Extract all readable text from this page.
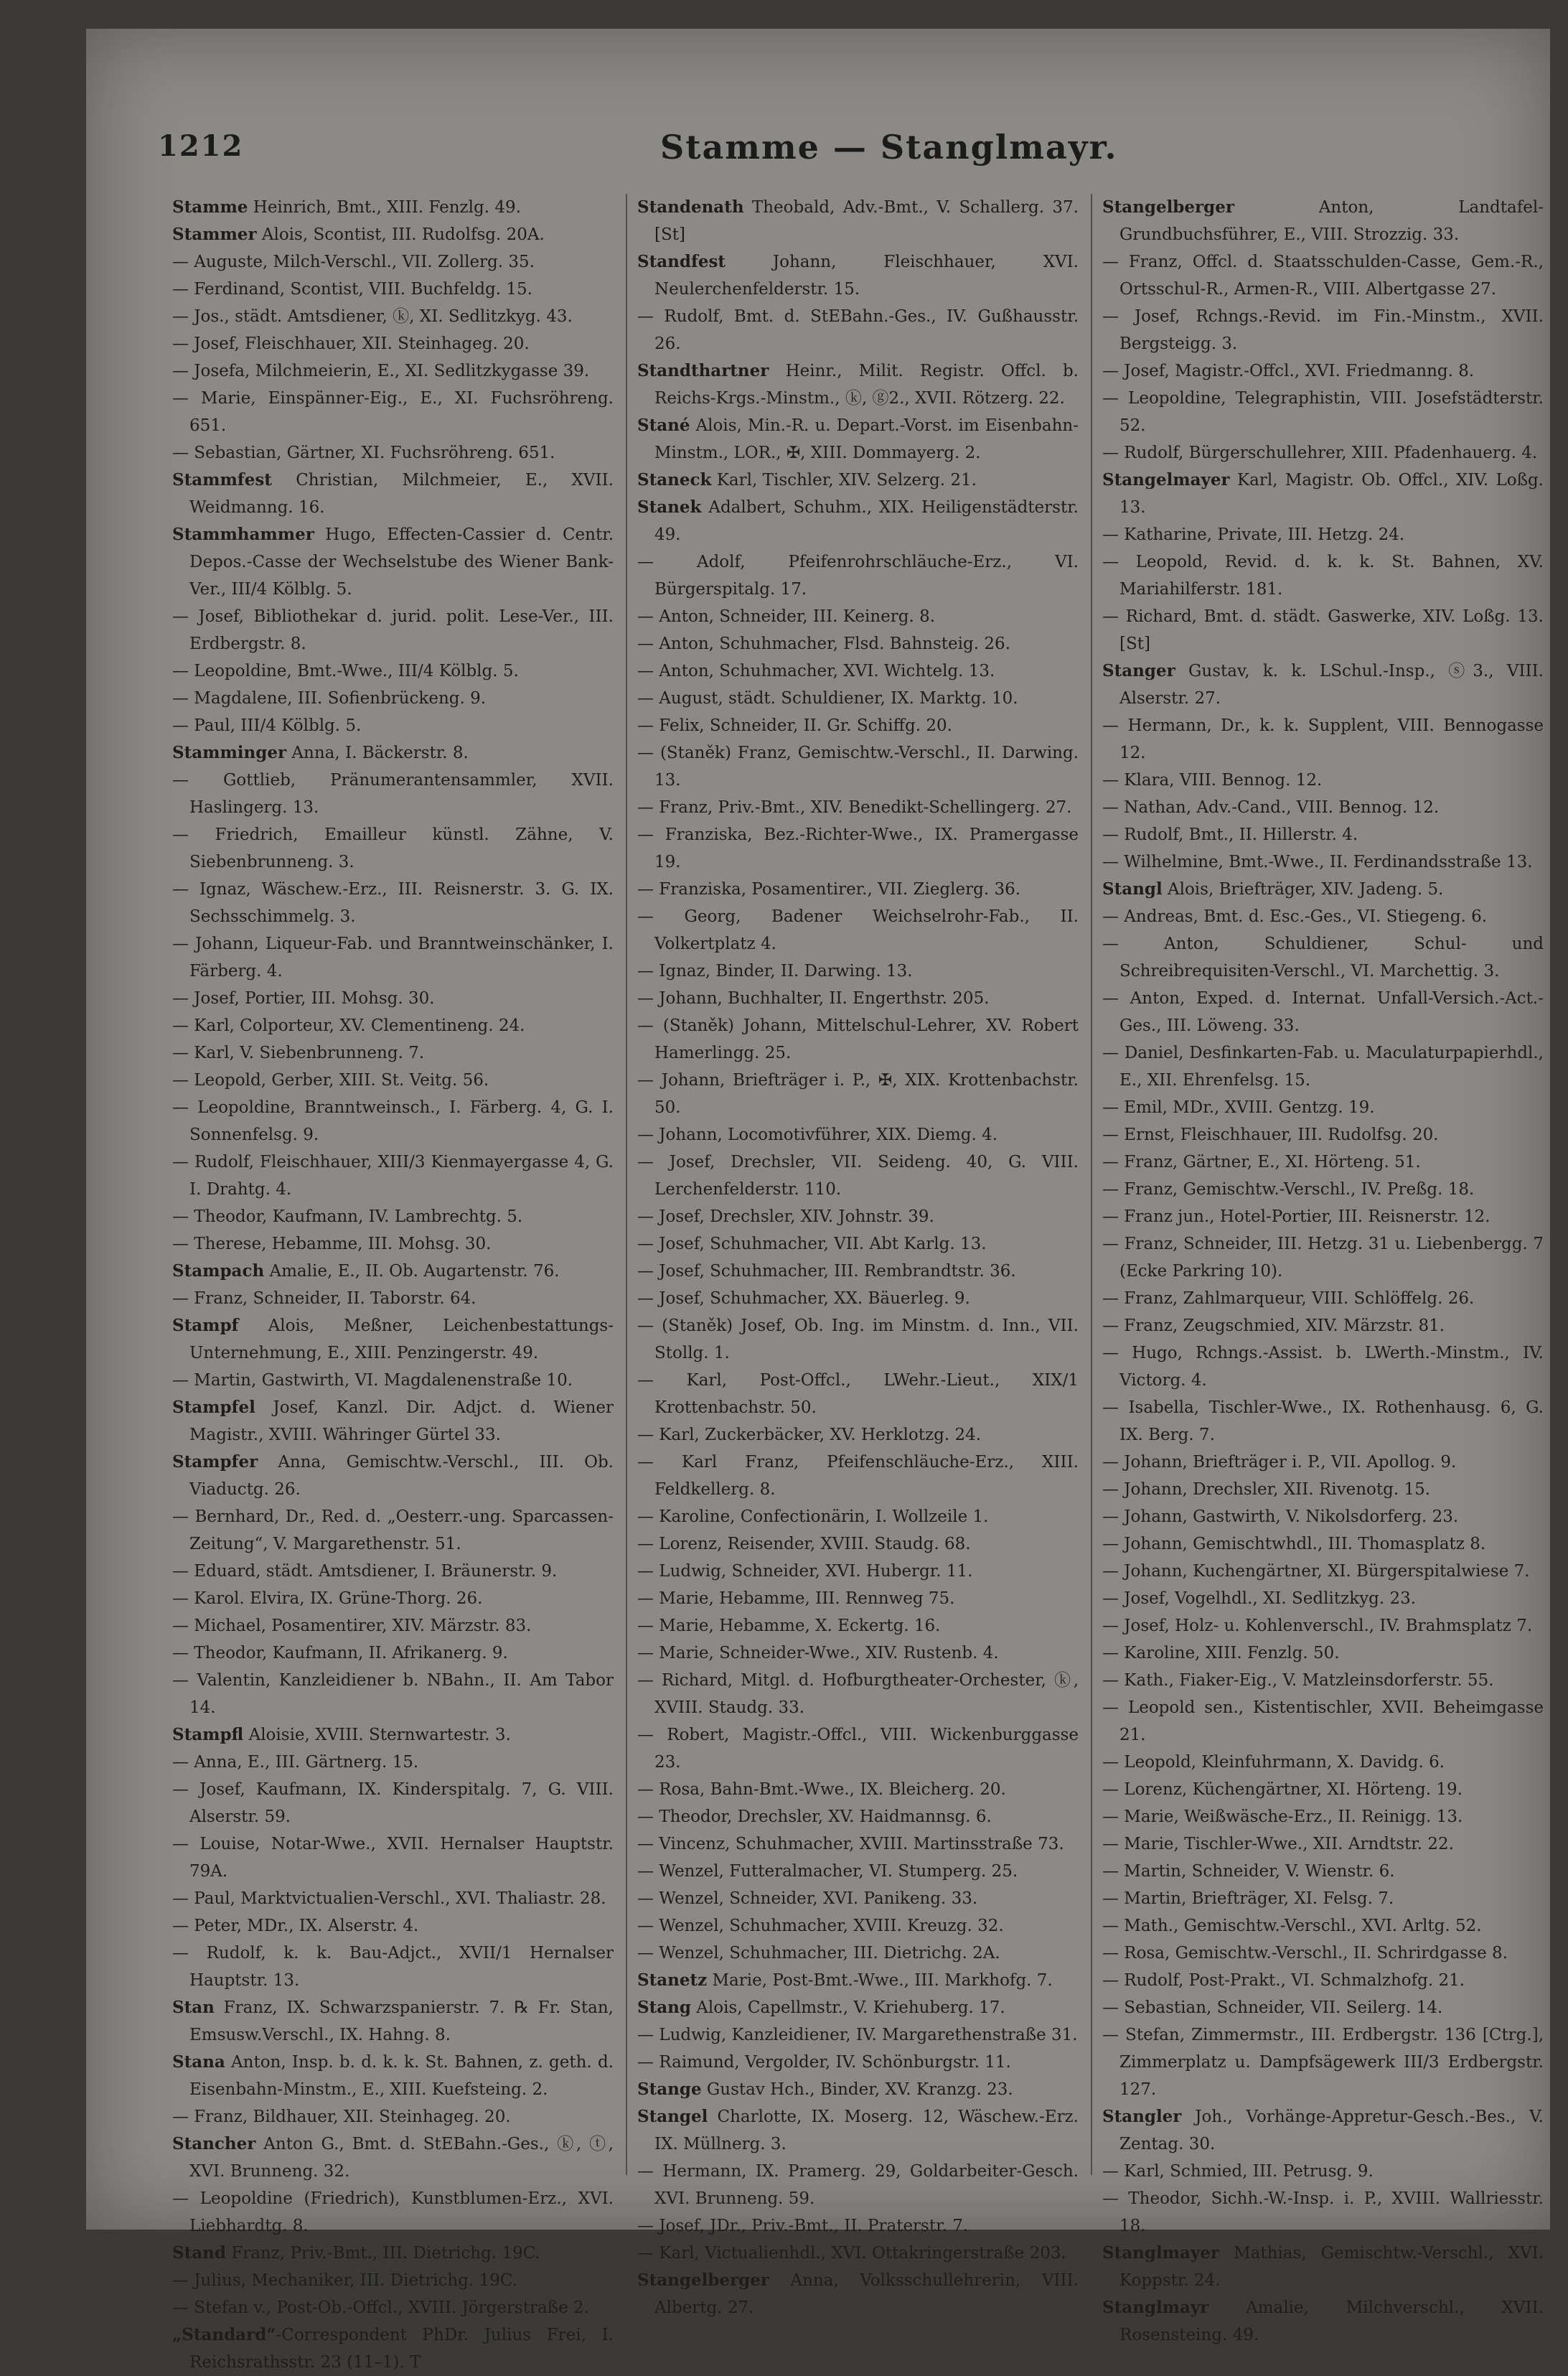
1212	Stamme — Stanglmayr.

Stamme Heinrich, Bmt., XIII. Fenzlg. 49.

Stammer Alois, Scontist, III. Rudolfsg. 20A.

— Auguste, Milch-Verschl., VII. Zollerg. 35.

— Ferdinand, Scontist, VIII. Buchfeldg. 15.

— Jos., städt. Amtsdiener, ⓚ, XI. Sedlitzkyg. 43.

— Josef, Fleischhauer, XII. Steinhageg. 20.

— Josefa, Milchmeierin, E., XI. Sedlitzkygasse 39.

— Marie, Einspänner-Eig., E., XI. Fuchsröhreng. 651.

— Sebastian, Gärtner, XI. Fuchsröhreng. 651.

Stammfest Christian, Milchmeier, E., XVII. Weidmanng. 16.

Stammhammer Hugo, Effecten-Cassier d. Centr. Depos.-Casse der Wechselstube des Wiener Bank-Ver., III/4 Kölblg. 5.

— Josef, Bibliothekar d. jurid. polit. Lese-Ver., III. Erdbergstr. 8.

— Leopoldine, Bmt.-Wwe., III/4 Kölblg. 5.

— Magdalene, III. Sofienbrückeng. 9.

— Paul, III/4 Kölblg. 5.

Stamminger Anna, I. Bäckerstr. 8.

— Gottlieb, Pränumerantensammler, XVII. Haslingerg. 13.

— Friedrich, Emailleur künstl. Zähne, V. Siebenbrunneng. 3.

— Ignaz, Wäschew.-Erz., III. Reisnerstr. 3. G. IX. Sechsschimmelg. 3.

— Johann, Liqueur-Fab. und Branntweinschänker, I. Färberg. 4.

— Josef, Portier, III. Mohsg. 30.

— Karl, Colporteur, XV. Clementineng. 24.

— Karl, V. Siebenbrunneng. 7.

— Leopold, Gerber, XIII. St. Veitg. 56.

— Leopoldine, Branntweinsch., I. Färberg. 4, G. I. Sonnenfelsg. 9.

— Rudolf, Fleischhauer, XIII/3 Kienmayergasse 4, G. I. Drahtg. 4.

— Theodor, Kaufmann, IV. Lambrechtg. 5.

— Therese, Hebamme, III. Mohsg. 30.

Stampach Amalie, E., II. Ob. Augartenstr. 76.

— Franz, Schneider, II. Taborstr. 64.

Stampf Alois, Meßner, Leichenbestattungs-Unternehmung, E., XIII. Penzingerstr. 49.

— Martin, Gastwirth, VI. Magdalenenstraße 10.

Stampfel Josef, Kanzl. Dir. Adjct. d. Wiener Magistr., XVIII. Währinger Gürtel 33.

Stampfer Anna, Gemischtw.-Verschl., III. Ob. Viaductg. 26.

— Bernhard, Dr., Red. d. „Oesterr.-ung. Sparcassen-Zeitung“, V. Margarethenstr. 51.

— Eduard, städt. Amtsdiener, I. Bräunerstr. 9.

— Karol. Elvira, IX. Grüne-Thorg. 26.

— Michael, Posamentirer, XIV. Märzstr. 83.

— Theodor, Kaufmann, II. Afrikanerg. 9.

— Valentin, Kanzleidiener b. NBahn., II. Am Tabor 14.

Stampfl Aloisie, XVIII. Sternwartestr. 3.

— Anna, E., III. Gärtnerg. 15.

— Josef, Kaufmann, IX. Kinderspitalg. 7, G. VIII. Alserstr. 59.

— Louise, Notar-Wwe., XVII. Hernalser Hauptstr. 79A.

— Paul, Marktvictualien-Verschl., XVI. Thaliastr. 28.

— Peter, MDr., IX. Alserstr. 4.

— Rudolf, k. k. Bau-Adjct., XVII/1 Hernalser Hauptstr. 13.

Stan Franz, IX. Schwarzspanierstr. 7. ℞ Fr. Stan, Emsusw.Verschl., IX. Hahng. 8.

Stana Anton, Insp. b. d. k. k. St. Bahnen, z. geth. d. Eisenbahn-Minstm., E., XIII. Kuefsteing. 2.

— Franz, Bildhauer, XII. Steinhageg. 20.

Stancher Anton G., Bmt. d. StEBahn.-Ges., ⓚ, ⓣ, XVI. Brunneng. 32.

— Leopoldine (Friedrich), Kunstblumen-Erz., XVI. Liebhardtg. 8.

Stand Franz, Priv.-Bmt., III. Dietrichg. 19C.

— Julius, Mechaniker, III. Dietrichg. 19C.

— Stefan v., Post-Ob.-Offcl., XVIII. Jörgerstraße 2.

„Standard“-Correspondent PhDr. Julius Frei, I. Reichsrathsstr. 23 (11–1). T

Standenath Theobald, Adv.-Bmt., V. Schallerg. 37. [St]

Standfest Johann, Fleischhauer, XVI. Neulerchenfelderstr. 15.

— Rudolf, Bmt. d. StEBahn.-Ges., IV. Gußhausstr. 26.

Standthartner Heinr., Milit. Registr. Offcl. b. Reichs-Krgs.-Minstm., ⓚ, ⓖ2., XVII. Rötzerg. 22.

Stané Alois, Min.-R. u. Depart.-Vorst. im Eisenbahn-Minstm., LOR., ✠, XIII. Dommayerg. 2.

Staneck Karl, Tischler, XIV. Selzerg. 21.

Stanek Adalbert, Schuhm., XIX. Heiligenstädterstr. 49.

— Adolf, Pfeifenrohrschläuche-Erz., VI. Bürgerspitalg. 17.

— Anton, Schneider, III. Keinerg. 8.

— Anton, Schuhmacher, Flsd. Bahnsteig. 26.

— Anton, Schuhmacher, XVI. Wichtelg. 13.

— August, städt. Schuldiener, IX. Marktg. 10.

— Felix, Schneider, II. Gr. Schiffg. 20.

— (Staněk) Franz, Gemischtw.-Verschl., II. Darwing. 13.

— Franz, Priv.-Bmt., XIV. Benedikt-Schellingerg. 27.

— Franziska, Bez.-Richter-Wwe., IX. Pramergasse 19.

— Franziska, Posamentirer., VII. Zieglerg. 36.

— Georg, Badener Weichselrohr-Fab., II. Volkertplatz 4.

— Ignaz, Binder, II. Darwing. 13.

— Johann, Buchhalter, II. Engerthstr. 205.

— (Staněk) Johann, Mittelschul-Lehrer, XV. Robert Hamerlingg. 25.

— Johann, Briefträger i. P., ✠, XIX. Krottenbachstr. 50.

— Johann, Locomotivführer, XIX. Diemg. 4.

— Josef, Drechsler, VII. Seideng. 40, G. VIII. Lerchenfelderstr. 110.

— Josef, Drechsler, XIV. Johnstr. 39.

— Josef, Schuhmacher, VII. Abt Karlg. 13.

— Josef, Schuhmacher, III. Rembrandtstr. 36.

— Josef, Schuhmacher, XX. Bäuerleg. 9.

— (Staněk) Josef, Ob. Ing. im Minstm. d. Inn., VII. Stollg. 1.

— Karl, Post-Offcl., LWehr.-Lieut., XIX/1 Krottenbachstr. 50.

— Karl, Zuckerbäcker, XV. Herklotzg. 24.

— Karl Franz, Pfeifenschläuche-Erz., XIII. Feldkellerg. 8.

— Karoline, Confectionärin, I. Wollzeile 1.

— Lorenz, Reisender, XVIII. Staudg. 68.

— Ludwig, Schneider, XVI. Hubergr. 11.

— Marie, Hebamme, III. Rennweg 75.

— Marie, Hebamme, X. Eckertg. 16.

— Marie, Schneider-Wwe., XIV. Rustenb. 4.

— Richard, Mitgl. d. Hofburgtheater-Orchester, ⓚ, XVIII. Staudg. 33.

— Robert, Magistr.-Offcl., VIII. Wickenburggasse 23.

— Rosa, Bahn-Bmt.-Wwe., IX. Bleicherg. 20.

— Theodor, Drechsler, XV. Haidmannsg. 6.

— Vincenz, Schuhmacher, XVIII. Martinsstraße 73.

— Wenzel, Futteralmacher, VI. Stumperg. 25.

— Wenzel, Schneider, XVI. Panikeng. 33.

— Wenzel, Schuhmacher, XVIII. Kreuzg. 32.

— Wenzel, Schuhmacher, III. Dietrichg. 2A.

Stanetz Marie, Post-Bmt.-Wwe., III. Markhofg. 7.

Stang Alois, Capellmstr., V. Kriehuberg. 17.

— Ludwig, Kanzleidiener, IV. Margarethenstraße 31.

— Raimund, Vergolder, IV. Schönburgstr. 11.

Stange Gustav Hch., Binder, XV. Kranzg. 23.

Stangel Charlotte, IX. Moserg. 12, Wäschew.-Erz. IX. Müllnerg. 3.

— Hermann, IX. Pramerg. 29, Goldarbeiter-Gesch. XVI. Brunneng. 59.

— Josef, JDr., Priv.-Bmt., II. Praterstr. 7.

— Karl, Victualienhdl., XVI. Ottakringerstraße 203.

Stangelberger Anna, Volksschullehrerin, VIII. Albertg. 27.

Stangelberger Anton, Landtafel-Grundbuchsführer, E., VIII. Strozzig. 33.

— Franz, Offcl. d. Staatsschulden-Casse, Gem.-R., Ortsschul-R., Armen-R., VIII. Albertgasse 27.

— Josef, Rchngs.-Revid. im Fin.-Minstm., XVII. Bergsteigg. 3.

— Josef, Magistr.-Offcl., XVI. Friedmanng. 8.

— Leopoldine, Telegraphistin, VIII. Josefstädterstr. 52.

— Rudolf, Bürgerschullehrer, XIII. Pfadenhauerg. 4.

Stangelmayer Karl, Magistr. Ob. Offcl., XIV. Loßg. 13.

— Katharine, Private, III. Hetzg. 24.

— Leopold, Revid. d. k. k. St. Bahnen, XV. Mariahilferstr. 181.

— Richard, Bmt. d. städt. Gaswerke, XIV. Loßg. 13. [St]

Stanger Gustav, k. k. LSchul.-Insp., ⓢ3., VIII. Alserstr. 27.

— Hermann, Dr., k. k. Supplent, VIII. Bennogasse 12.

— Klara, VIII. Bennog. 12.

— Nathan, Adv.-Cand., VIII. Bennog. 12.

— Rudolf, Bmt., II. Hillerstr. 4.

— Wilhelmine, Bmt.-Wwe., II. Ferdinandsstraße 13.

Stangl Alois, Briefträger, XIV. Jadeng. 5.

— Andreas, Bmt. d. Esc.-Ges., VI. Stiegeng. 6.

— Anton, Schuldiener, Schul- und Schreibrequisiten-Verschl., VI. Marchettig. 3.

— Anton, Exped. d. Internat. Unfall-Versich.-Act.-Ges., III. Löweng. 33.

— Daniel, Desfinkarten-Fab. u. Maculaturpapierhdl., E., XII. Ehrenfelsg. 15.

— Emil, MDr., XVIII. Gentzg. 19.

— Ernst, Fleischhauer, III. Rudolfsg. 20.

— Franz, Gärtner, E., XI. Hörteng. 51.

— Franz, Gemischtw.-Verschl., IV. Preßg. 18.

— Franz jun., Hotel-Portier, III. Reisnerstr. 12.

— Franz, Schneider, III. Hetzg. 31 u. Liebenbergg. 7 (Ecke Parkring 10).

— Franz, Zahlmarqueur, VIII. Schlöffelg. 26.

— Franz, Zeugschmied, XIV. Märzstr. 81.

— Hugo, Rchngs.-Assist. b. LWerth.-Minstm., IV. Victorg. 4.

— Isabella, Tischler-Wwe., IX. Rothenhausg. 6, G. IX. Berg. 7.

— Johann, Briefträger i. P., VII. Apollog. 9.

— Johann, Drechsler, XII. Rivenotg. 15.

— Johann, Gastwirth, V. Nikolsdorferg. 23.

— Johann, Gemischtwhdl., III. Thomasplatz 8.

— Johann, Kuchengärtner, XI. Bürgerspitalwiese 7.

— Josef, Vogelhdl., XI. Sedlitzkyg. 23.

— Josef, Holz- u. Kohlenverschl., IV. Brahmsplatz 7.

— Karoline, XIII. Fenzlg. 50.

— Kath., Fiaker-Eig., V. Matzleinsdorferstr. 55.

— Leopold sen., Kistentischler, XVII. Beheimgasse 21.

— Leopold, Kleinfuhrmann, X. Davidg. 6.

— Lorenz, Küchengärtner, XI. Hörteng. 19.

— Marie, Weißwäsche-Erz., II. Reinigg. 13.

— Marie, Tischler-Wwe., XII. Arndtstr. 22.

— Martin, Schneider, V. Wienstr. 6.

— Martin, Briefträger, XI. Felsg. 7.

— Math., Gemischtw.-Verschl., XVI. Arltg. 52.

— Rosa, Gemischtw.-Verschl., II. Schrirdgasse 8.

— Rudolf, Post-Prakt., VI. Schmalzhofg. 21.

— Sebastian, Schneider, VII. Seilerg. 14.

— Stefan, Zimmermstr., III. Erdbergstr. 136 [Ctrg.], Zimmerplatz u. Dampfsägewerk III/3 Erdbergstr. 127.

Stangler Joh., Vorhänge-Appretur-Gesch.-Bes., V. Zentag. 30.

— Karl, Schmied, III. Petrusg. 9.

— Theodor, Sichh.-W.-Insp. i. P., XVIII. Wallriesstr. 18.

Stanglmayer Mathias, Gemischtw.-Verschl., XVI. Koppstr. 24.

Stanglmayr Amalie, Milchverschl., XVII. Rosensteing. 49.
